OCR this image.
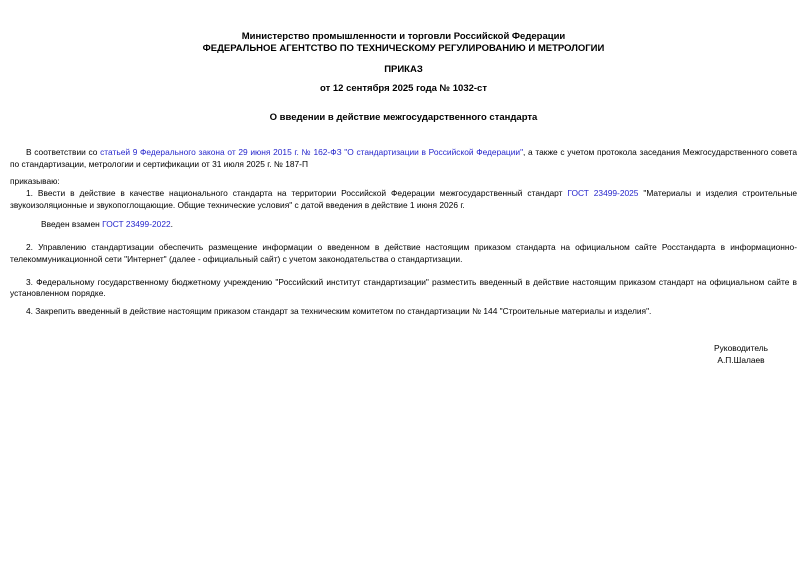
Министерство промышленности и торговли Российской Федерации
ФЕДЕРАЛЬНОЕ АГЕНТСТВО ПО ТЕХНИЧЕСКОМУ РЕГУЛИРОВАНИЮ И МЕТРОЛОГИИ
ПРИКАЗ
от 12 сентября 2025 года № 1032-ст
О введении в действие межгосударственного стандарта

В соответствии со статьей 9 Федерального закона от 29 июня 2015 г. № 162-ФЗ "О стандартизации в Российской Федерации", а также с учетом протокола заседания Межгосударственного совета по стандартизации, метрологии и сертификации от 31 июля 2025 г. № 187-П

приказываю:

1. Ввести в действие в качестве национального стандарта на территории Российской Федерации межгосударственный стандарт ГОСТ 23499-2025 "Материалы и изделия строительные звукоизоляционные и звукопоглощающие. Общие технические условия" с датой введения в действие 1 июня 2026 г.

Введен взамен ГОСТ 23499-2022.

2. Управлению стандартизации обеспечить размещение информации о введенном в действие настоящим приказом стандарта на официальном сайте Росстандарта в информационно-телекоммуникационной сети "Интернет" (далее - официальный сайт) с учетом законодательства о стандартизации.

3. Федеральному государственному бюджетному учреждению "Российский институт стандартизации" разместить введенный в действие настоящим приказом стандарт на официальном сайте в установленном порядке.

4. Закрепить введенный в действие настоящим приказом стандарт за техническим комитетом по стандартизации № 144 "Строительные материалы и изделия".

Руководитель
А.П.Шалаев
